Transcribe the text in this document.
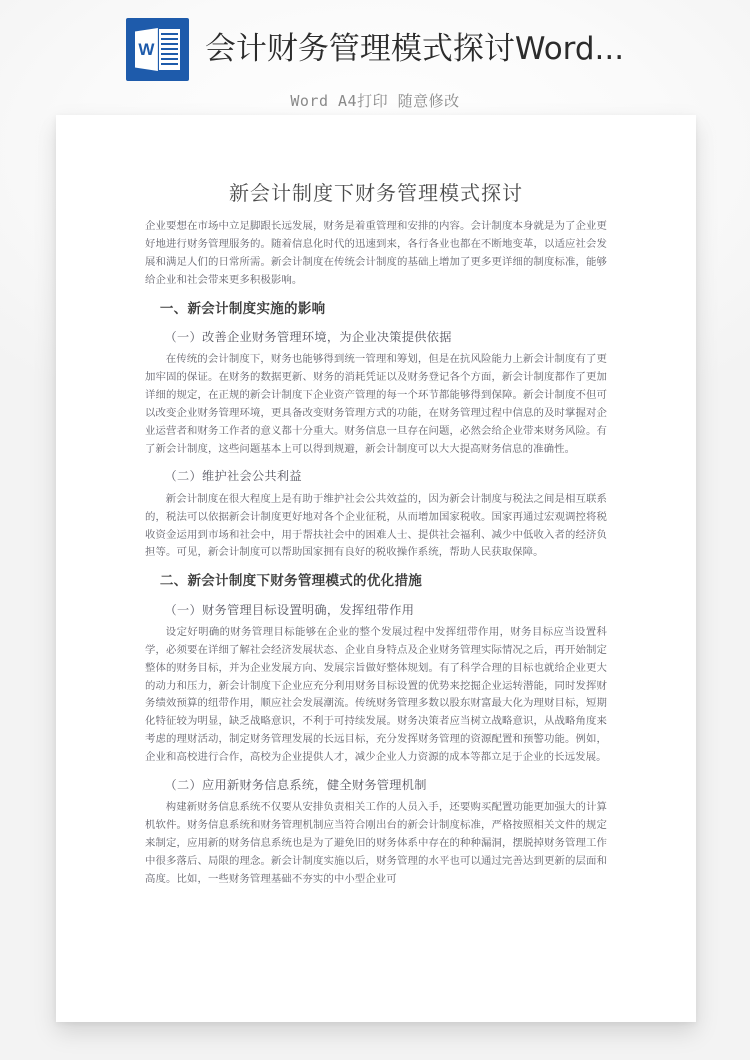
W 会计财务管理模式探讨Word...
Word A4打印 随意修改
新会计制度下财务管理模式探讨

企业要想在市场中立足脚跟长远发展，财务是着重管理和安排的内容。会计制度本身就是为了企业更好地进行财务管理服务的。随着信息化时代的迅速到来，各行各业也都在不断地变革，以适应社会发展和满足人们的日常所需。新会计制度在传统会计制度的基础上增加了更多更详细的制度标准，能够给企业和社会带来更多积极影响。

一、新会计制度实施的影响
（一）改善企业财务管理环境，为企业决策提供依据

在传统的会计制度下，财务也能够得到统一管理和筹划，但是在抗风险能力上新会计制度有了更加牢固的保证。在财务的数据更新、财务的消耗凭证以及财务登记各个方面，新会计制度都作了更加详细的规定，在正规的新会计制度下企业资产管理的每一个环节都能够得到保障。新会计制度不但可以改变企业财务管理环境，更具备改变财务管理方式的功能，在财务管理过程中信息的及时掌握对企业运营者和财务工作者的意义都十分重大。财务信息一旦存在问题，必然会给企业带来财务风险。有了新会计制度，这些问题基本上可以得到规避，新会计制度可以大大提高财务信息的准确性。

（二）维护社会公共利益

新会计制度在很大程度上是有助于维护社会公共效益的，因为新会计制度与税法之间是相互联系的，税法可以依据新会计制度更好地对各个企业征税，从而增加国家税收。国家再通过宏观调控将税收资金运用到市场和社会中，用于帮扶社会中的困难人士、提供社会福利、减少中低收入者的经济负担等。可见，新会计制度可以帮助国家拥有良好的税收操作系统，帮助人民获取保障。

二、新会计制度下财务管理模式的优化措施
（一）财务管理目标设置明确，发挥纽带作用

设定好明确的财务管理目标能够在企业的整个发展过程中发挥纽带作用，财务目标应当设置科学，必须要在详细了解社会经济发展状态、企业自身特点及企业财务管理实际情况之后，再开始制定整体的财务目标，并为企业发展方向、发展宗旨做好整体规划。有了科学合理的目标也就给企业更大的动力和压力，新会计制度下企业应充分利用财务目标设置的优势来挖掘企业运转潜能，同时发挥财务绩效预算的纽带作用，顺应社会发展潮流。传统财务管理多数以股东财富最大化为理财目标，短期化特征较为明显，缺乏战略意识，不利于可持续发展。财务决策者应当树立战略意识，从战略角度来考虑的理财活动，制定财务管理发展的长远目标，充分发挥财务管理的资源配置和预警功能。例如，企业和高校进行合作，高校为企业提供人才，减少企业人力资源的成本等都立足于企业的长远发展。

（二）应用新财务信息系统，健全财务管理机制

构建新财务信息系统不仅要从安排负责相关工作的人员入手，还要购买配置功能更加强大的计算机软件。财务信息系统和财务管理机制应当符合刚出台的新会计制度标准，严格按照相关文件的规定来制定，应用新的财务信息系统也是为了避免旧的财务体系中存在的种种漏洞，摆脱掉财务管理工作中很多落后、局限的理念。新会计制度实施以后，财务管理的水平也可以通过完善达到更新的层面和高度。比如，一些财务管理基础不夯实的中小型企业可
